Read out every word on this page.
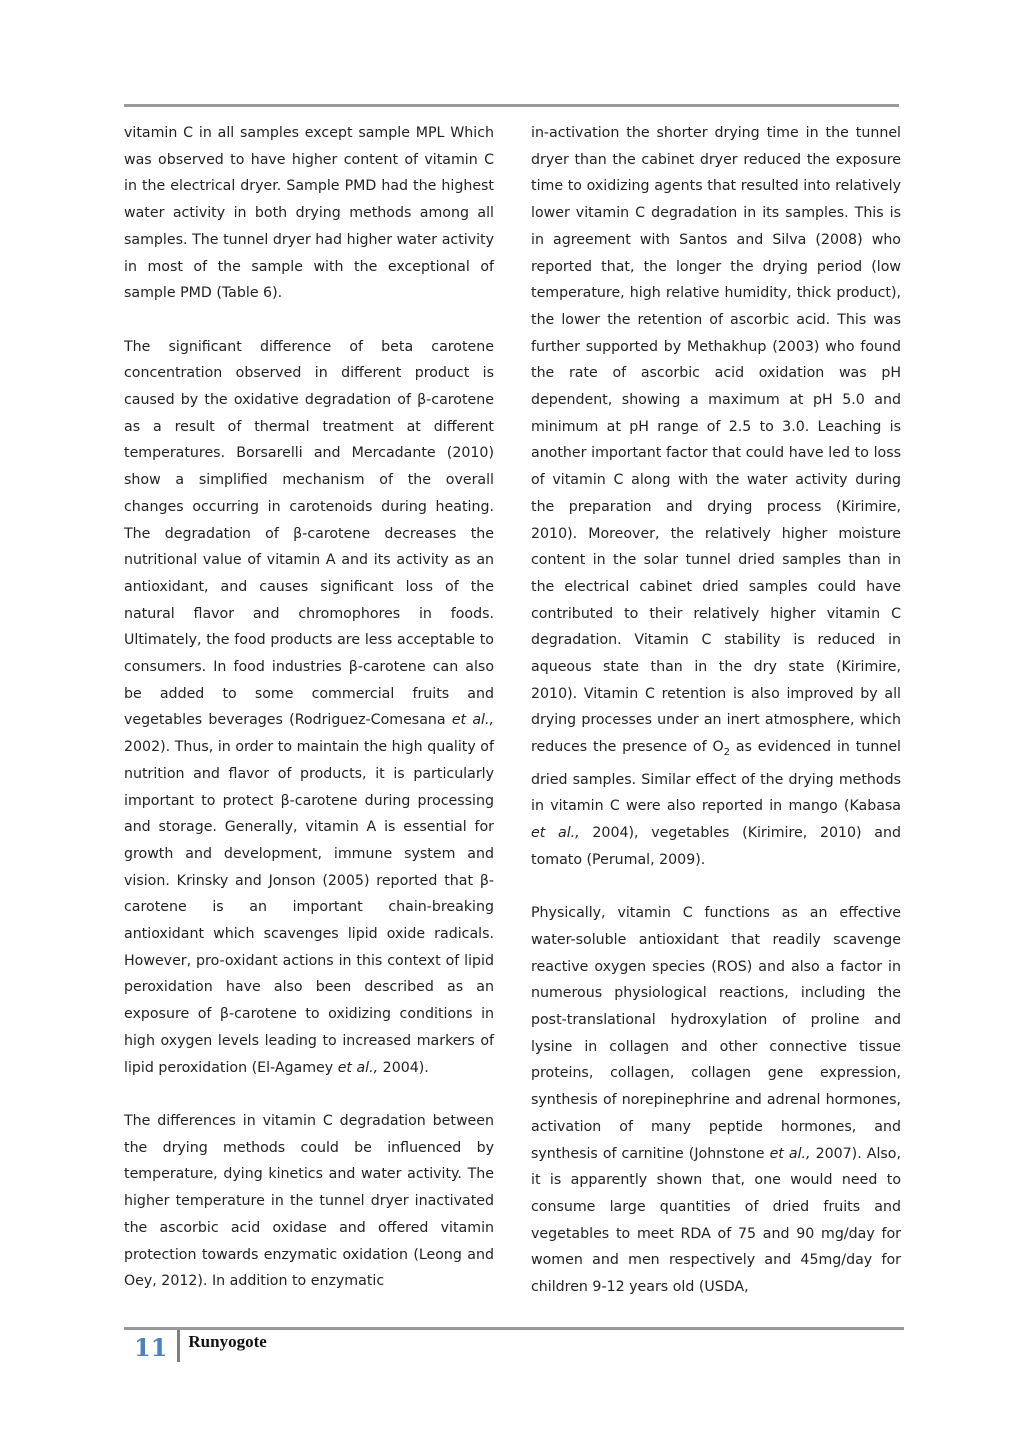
vitamin C in all samples except sample MPL Which was observed to have higher content of vitamin C in the electrical dryer. Sample PMD had the highest water activity in both drying methods among all samples. The tunnel dryer had higher water activity in most of the sample with the exceptional of sample PMD (Table 6).

The significant difference of beta carotene concentration observed in different product is caused by the oxidative degradation of β-carotene as a result of thermal treatment at different temperatures. Borsarelli and Mercadante (2010) show a simplified mechanism of the overall changes occurring in carotenoids during heating. The degradation of β-carotene decreases the nutritional value of vitamin A and its activity as an antioxidant, and causes significant loss of the natural flavor and chromophores in foods. Ultimately, the food products are less acceptable to consumers. In food industries β-carotene can also be added to some commercial fruits and vegetables beverages (Rodriguez-Comesana et al., 2002). Thus, in order to maintain the high quality of nutrition and flavor of products, it is particularly important to protect β-carotene during processing and storage. Generally, vitamin A is essential for growth and development, immune system and vision. Krinsky and Jonson (2005) reported that β-carotene is an important chain-breaking antioxidant which scavenges lipid oxide radicals. However, pro-oxidant actions in this context of lipid peroxidation have also been described as an exposure of β-carotene to oxidizing conditions in high oxygen levels leading to increased markers of lipid peroxidation (El-Agamey et al., 2004).

The differences in vitamin C degradation between the drying methods could be influenced by temperature, dying kinetics and water activity. The higher temperature in the tunnel dryer inactivated the ascorbic acid oxidase and offered vitamin protection towards enzymatic oxidation (Leong and Oey, 2012). In addition to enzymatic

in-activation the shorter drying time in the tunnel dryer than the cabinet dryer reduced the exposure time to oxidizing agents that resulted into relatively lower vitamin C degradation in its samples. This is in agreement with Santos and Silva (2008) who reported that, the longer the drying period (low temperature, high relative humidity, thick product), the lower the retention of ascorbic acid. This was further supported by Methakhup (2003) who found the rate of ascorbic acid oxidation was pH dependent, showing a maximum at pH 5.0 and minimum at pH range of 2.5 to 3.0. Leaching is another important factor that could have led to loss of vitamin C along with the water activity during the preparation and drying process (Kirimire, 2010). Moreover, the relatively higher moisture content in the solar tunnel dried samples than in the electrical cabinet dried samples could have contributed to their relatively higher vitamin C degradation. Vitamin C stability is reduced in aqueous state than in the dry state (Kirimire, 2010). Vitamin C retention is also improved by all drying processes under an inert atmosphere, which reduces the presence of $O_2$ as evidenced in tunnel dried samples. Similar effect of the drying methods in vitamin C were also reported in mango (Kabasa et al., 2004), vegetables (Kirimire, 2010) and tomato (Perumal, 2009).

Physically, vitamin C functions as an effective water-soluble antioxidant that readily scavenge reactive oxygen species (ROS) and also a factor in numerous physiological reactions, including the post-translational hydroxylation of proline and lysine in collagen and other connective tissue proteins, collagen, collagen gene expression, synthesis of norepinephrine and adrenal hormones, activation of many peptide hormones, and synthesis of carnitine (Johnstone et al., 2007). Also, it is apparently shown that, one would need to consume large quantities of dried fruits and vegetables to meet RDA of 75 and 90 mg/day for women and men respectively and 45mg/day for children 9-12 years old (USDA,

11	Runyogote
